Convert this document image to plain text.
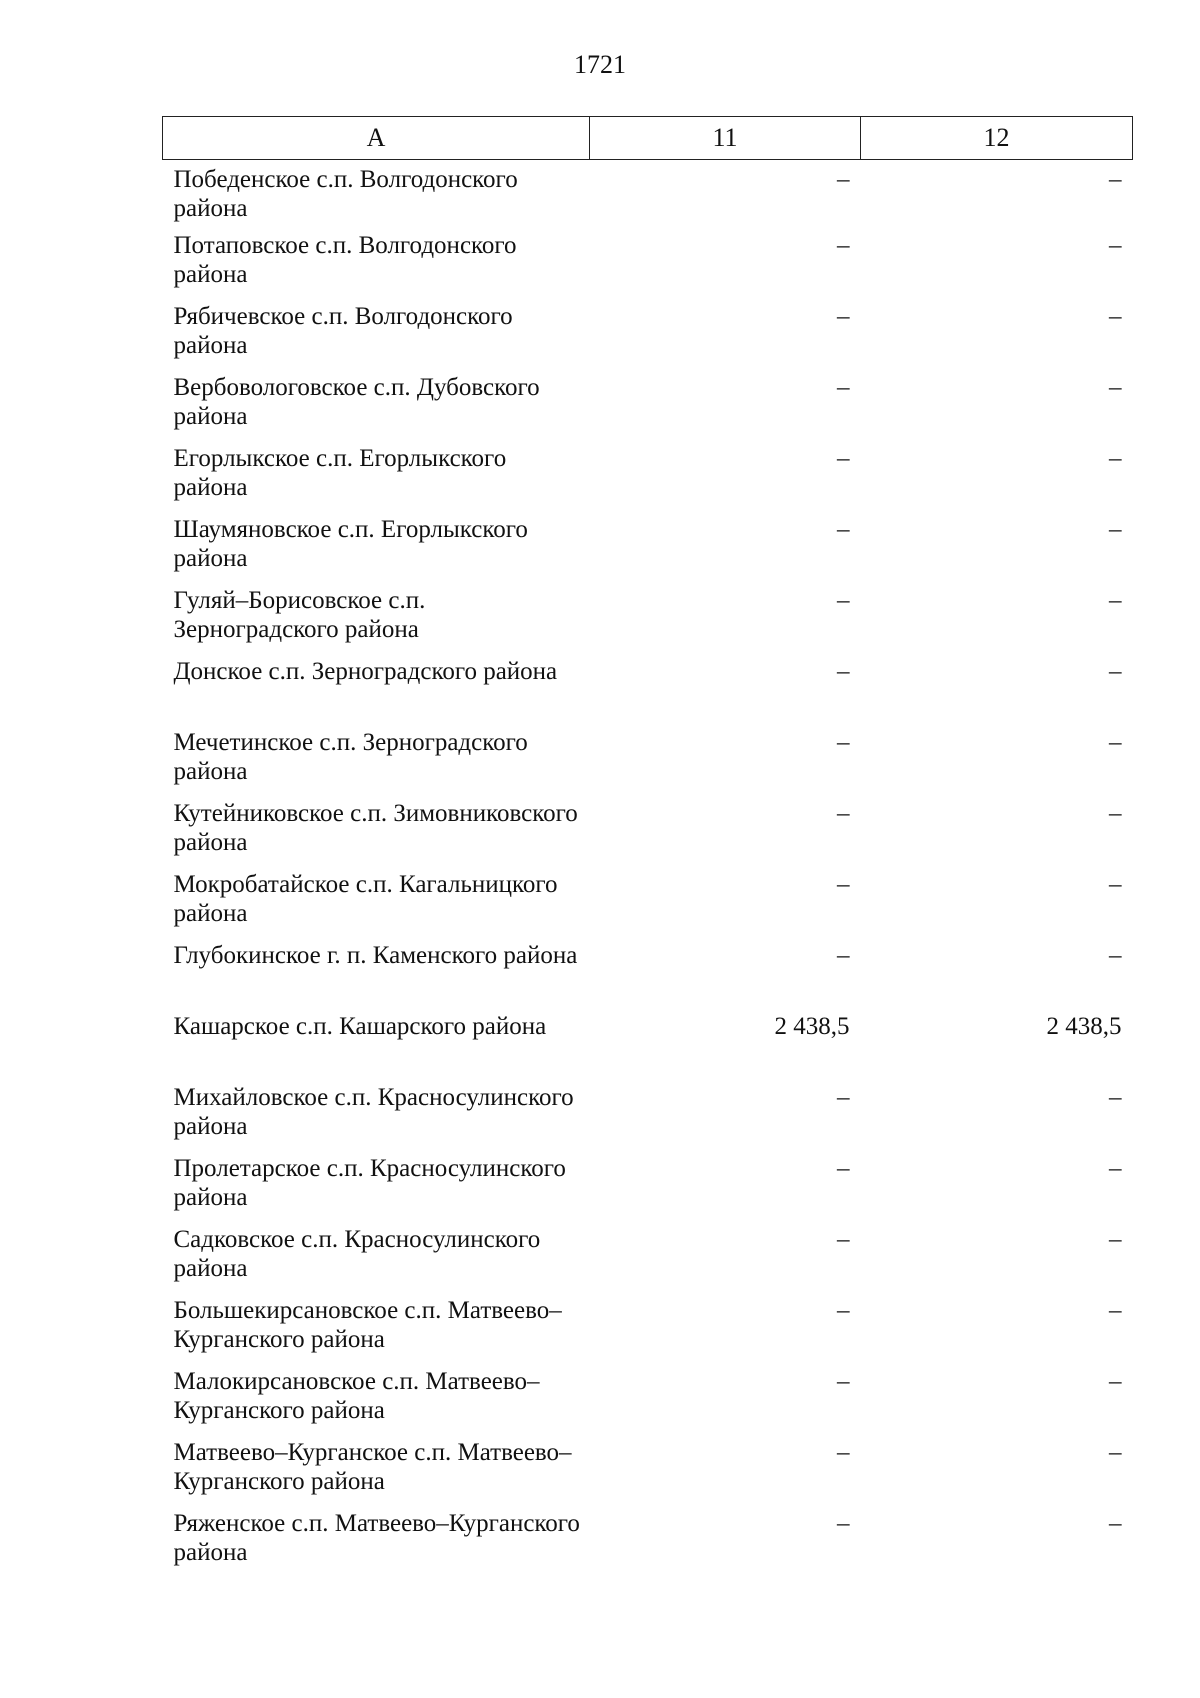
1721
А	11	12
Победенское с.п. Волгодонского района	–	–
Потаповское с.п. Волгодонского района	–	–
Рябичевское с.п. Волгодонского района	–	–
Вербовологовское с.п. Дубовского района	–	–
Егорлыкское с.п. Егорлыкского района	–	–
Шаумяновское с.п. Егорлыкского района	–	–
Гуляй–Борисовское с.п. Зерноградского района	–	–
Донское с.п. Зерноградского района	–	–
Мечетинское с.п. Зерноградского района	–	–
Кутейниковское с.п. Зимовниковского района	–	–
Мокробатайское с.п. Кагальницкого района	–	–
Глубокинское г. п. Каменского района	–	–
Кашарское с.п. Кашарского района	2 438,5	2 438,5
Михайловское с.п. Красносулинского района	–	–
Пролетарское с.п. Красносулинского района	–	–
Садковское с.п. Красносулинского района	–	–
Большекирсановское с.п. Матвеево–Курганского района	–	–
Малокирсановское с.п. Матвеево–Курганского района	–	–
Матвеево–Курганское с.п. Матвеево–Курганского района	–	–
Ряженское с.п. Матвеево–Курганского района	–	–
